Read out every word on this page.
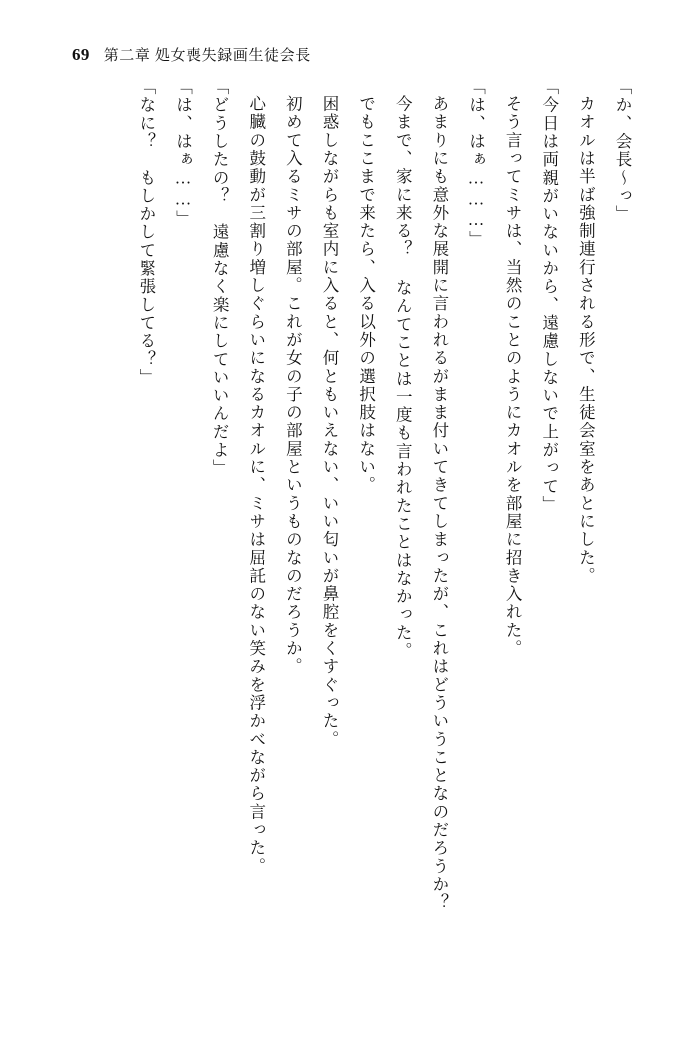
69 第二章 処女喪失録画生徒会長

「か、会長〜っ」

カオルは半ば強制連行される形で、生徒会室をあとにした。

「今日は両親がいないから、遠慮しないで上がって」

そう言ってミサは、当然のことのようにカオルを部屋に招き入れた。

「は、はぁ………」

あまりにも意外な展開に言われるがまま付いてきてしまったが、これはどういうことなのだろうか？

今まで、家に来る？ なんてことは一度も言われたことはなかった。

でもここまで来たら、入る以外の選択肢はない。

困惑しながらも室内に入ると、何ともいえない、いい匂いが鼻腔をくすぐった。

初めて入るミサの部屋。これが女の子の部屋というものなのだろうか。

心臓の鼓動が三割り増しぐらいになるカオルに、ミサは屈託のない笑みを浮かべながら言った。

「どうしたの？　遠慮なく楽にしていいんだよ」

「は、はぁ……」

「なに？　もしかして緊張してる？」
